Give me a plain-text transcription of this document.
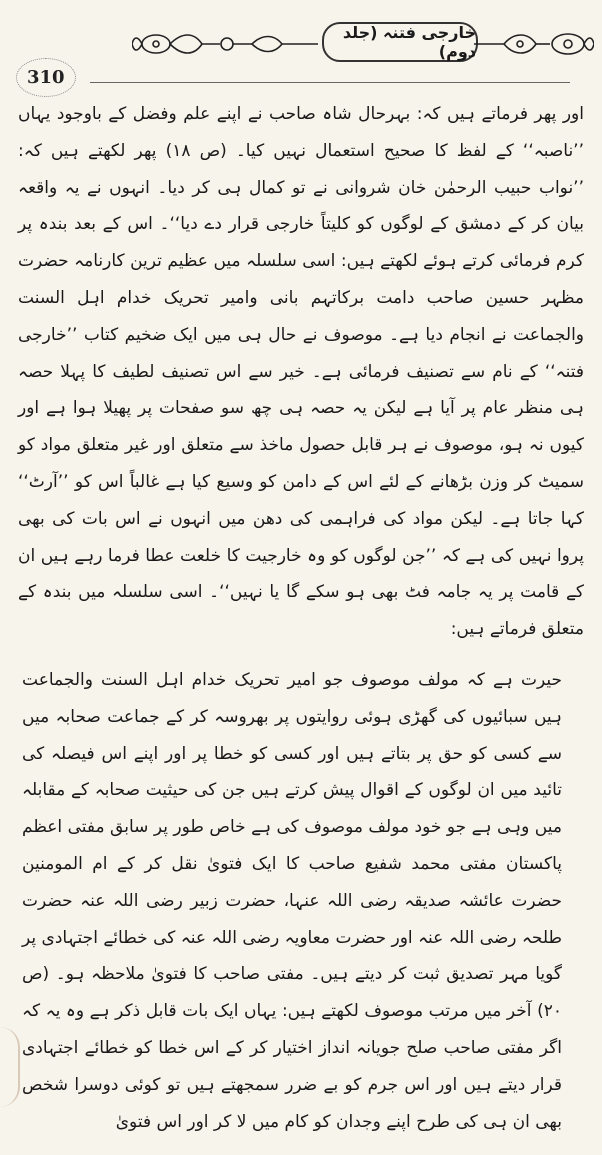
310
خارجی فتنہ (جلد دوم)

اور پھر فرماتے ہیں کہ: بہرحال شاہ صاحب نے اپنے علم وفضل کے باوجود یہاں ’’ناصبہ‘‘ کے لفظ کا صحیح استعمال نہیں کیا۔ (ص ۱۸) پھر لکھتے ہیں کہ: ’’نواب حبیب الرحمٰن خان شروانی نے تو کمال ہی کر دیا۔ انہوں نے یہ واقعہ بیان کر کے دمشق کے لوگوں کو کلیتاً خارجی قرار دے دیا‘‘۔ اس کے بعد بندہ پر کرم فرمائی کرتے ہوئے لکھتے ہیں: اسی سلسلہ میں عظیم ترین کارنامہ حضرت مظہر حسین صاحب دامت برکاتہم بانی وامیر تحریک خدام اہل السنت والجماعت نے انجام دیا ہے۔ موصوف نے حال ہی میں ایک ضخیم کتاب ’’خارجی فتنہ‘‘ کے نام سے تصنیف فرمائی ہے۔ خیر سے اس تصنیف لطیف کا پہلا حصہ ہی منظر عام پر آیا ہے لیکن یہ حصہ ہی چھ سو صفحات پر پھیلا ہوا ہے اور کیوں نہ ہو، موصوف نے ہر قابل حصول ماخذ سے متعلق اور غیر متعلق مواد کو سمیٹ کر وزن بڑھانے کے لئے اس کے دامن کو وسیع کیا ہے غالباً اس کو ’’آرٹ‘‘ کہا جاتا ہے۔ لیکن مواد کی فراہمی کی دھن میں انہوں نے اس بات کی بھی پروا نہیں کی ہے کہ ’’جن لوگوں کو وہ خارجیت کا خلعت عطا فرما رہے ہیں ان کے قامت پر یہ جامہ فٹ بھی ہو سکے گا یا نہیں‘‘۔ اسی سلسلہ میں بندہ کے متعلق فرماتے ہیں:

حیرت ہے کہ مولف موصوف جو امیر تحریک خدام اہل السنت والجماعت ہیں سبائیوں کی گھڑی ہوئی روایتوں پر بھروسہ کر کے جماعت صحابہ میں سے کسی کو حق پر بتاتے ہیں اور کسی کو خطا پر اور اپنے اس فیصلہ کی تائید میں ان لوگوں کے اقوال پیش کرتے ہیں جن کی حیثیت صحابہ کے مقابلہ میں وہی ہے جو خود مولف موصوف کی ہے خاص طور پر سابق مفتی اعظم پاکستان مفتی محمد شفیع صاحب کا ایک فتویٰ نقل کر کے ام المومنین حضرت عائشہ صدیقہ رضی اللہ عنہا، حضرت زبیر رضی اللہ عنہ حضرت طلحہ رضی اللہ عنہ اور حضرت معاویہ رضی اللہ عنہ کی خطائے اجتہادی پر گویا مہر تصدیق ثبت کر دیتے ہیں۔ مفتی صاحب کا فتویٰ ملاحظہ ہو۔ (ص ۲۰) آخر میں مرتب موصوف لکھتے ہیں: یہاں ایک بات قابل ذکر ہے وہ یہ کہ اگر مفتی صاحب صلح جویانہ انداز اختیار کر کے اس خطا کو خطائے اجتہادی قرار دیتے ہیں اور اس جرم کو بے ضرر سمجھتے ہیں تو کوئی دوسرا شخص بھی ان ہی کی طرح اپنے وجدان کو کام میں لا کر اور اس فتویٰ
